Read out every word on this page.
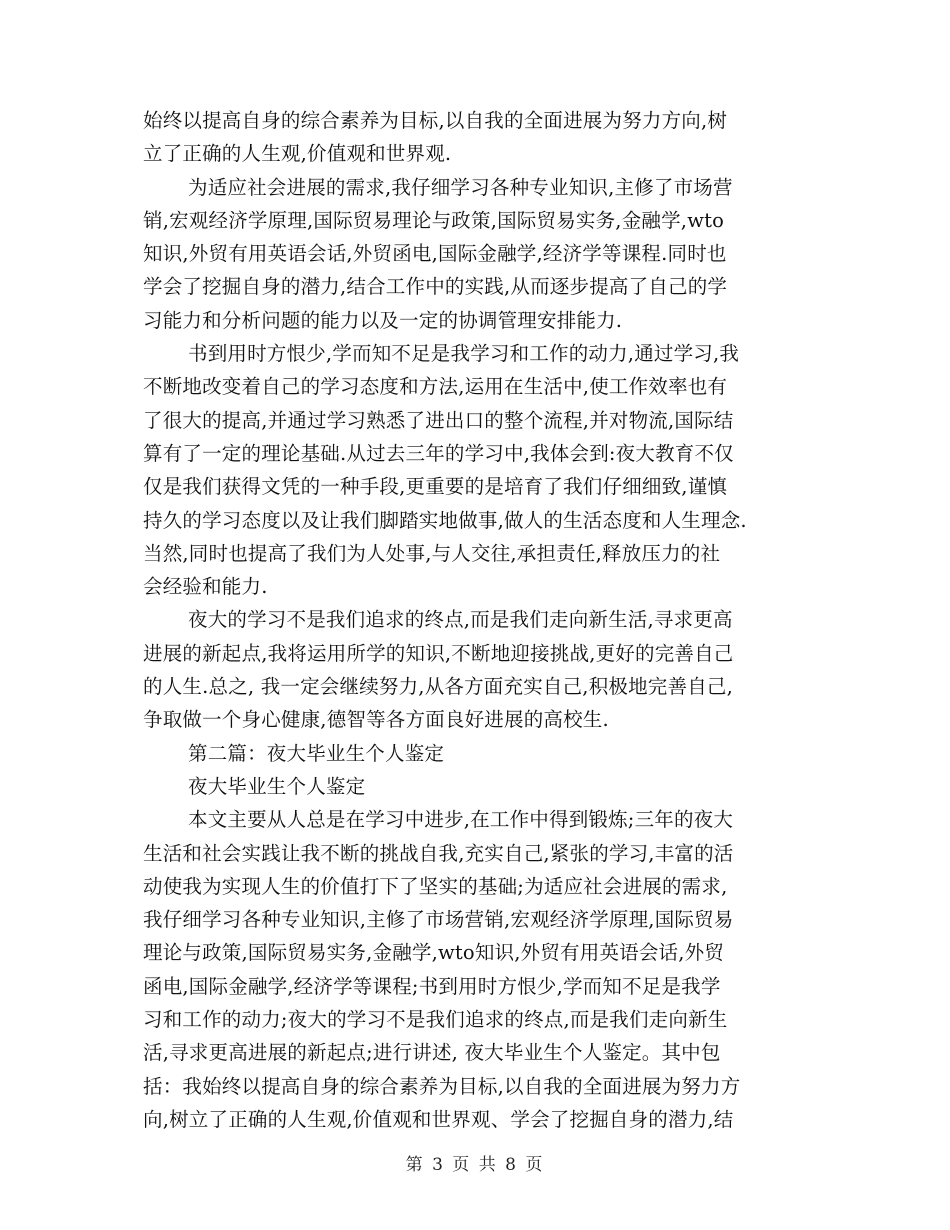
始终以提高自身的综合素养为目标,以自我的全面进展为努力方向,树
立了正确的人生观,价值观和世界观.
为适应社会进展的需求,我仔细学习各种专业知识,主修了市场营
销,宏观经济学原理,国际贸易理论与政策,国际贸易实务,金融学,wto
知识,外贸有用英语会话,外贸函电,国际金融学,经济学等课程.同时也
学会了挖掘自身的潜力,结合工作中的实践,从而逐步提高了自己的学
习能力和分析问题的能力以及一定的协调管理安排能力.
书到用时方恨少,学而知不足是我学习和工作的动力,通过学习,我
不断地改变着自己的学习态度和方法,运用在生活中,使工作效率也有
了很大的提高,并通过学习熟悉了进出口的整个流程,并对物流,国际结
算有了一定的理论基础.从过去三年的学习中,我体会到:夜大教育不仅
仅是我们获得文凭的一种手段,更重要的是培育了我们仔细细致,谨慎
持久的学习态度以及让我们脚踏实地做事,做人的生活态度和人生理念.
当然,同时也提高了我们为人处事,与人交往,承担责任,释放压力的社
会经验和能力.
夜大的学习不是我们追求的终点,而是我们走向新生活,寻求更高
进展的新起点,我将运用所学的知识,不断地迎接挑战,更好的完善自己
的人生.总之, 我一定会继续努力,从各方面充实自己,积极地完善自己,
争取做一个身心健康,德智等各方面良好进展的高校生.
第二篇：夜大毕业生个人鉴定
夜大毕业生个人鉴定
本文主要从人总是在学习中进步,在工作中得到锻炼;三年的夜大
生活和社会实践让我不断的挑战自我,充实自己,紧张的学习,丰富的活
动使我为实现人生的价值打下了坚实的基础;为适应社会进展的需求,
我仔细学习各种专业知识,主修了市场营销,宏观经济学原理,国际贸易
理论与政策,国际贸易实务,金融学,wto知识,外贸有用英语会话,外贸
函电,国际金融学,经济学等课程;书到用时方恨少,学而知不足是我学
习和工作的动力;夜大的学习不是我们追求的终点,而是我们走向新生
活,寻求更高进展的新起点;进行讲述, 夜大毕业生个人鉴定。其中包
括：我始终以提高自身的综合素养为目标,以自我的全面进展为努力方
向,树立了正确的人生观,价值观和世界观、学会了挖掘自身的潜力,结
第 3 页 共 8 页
